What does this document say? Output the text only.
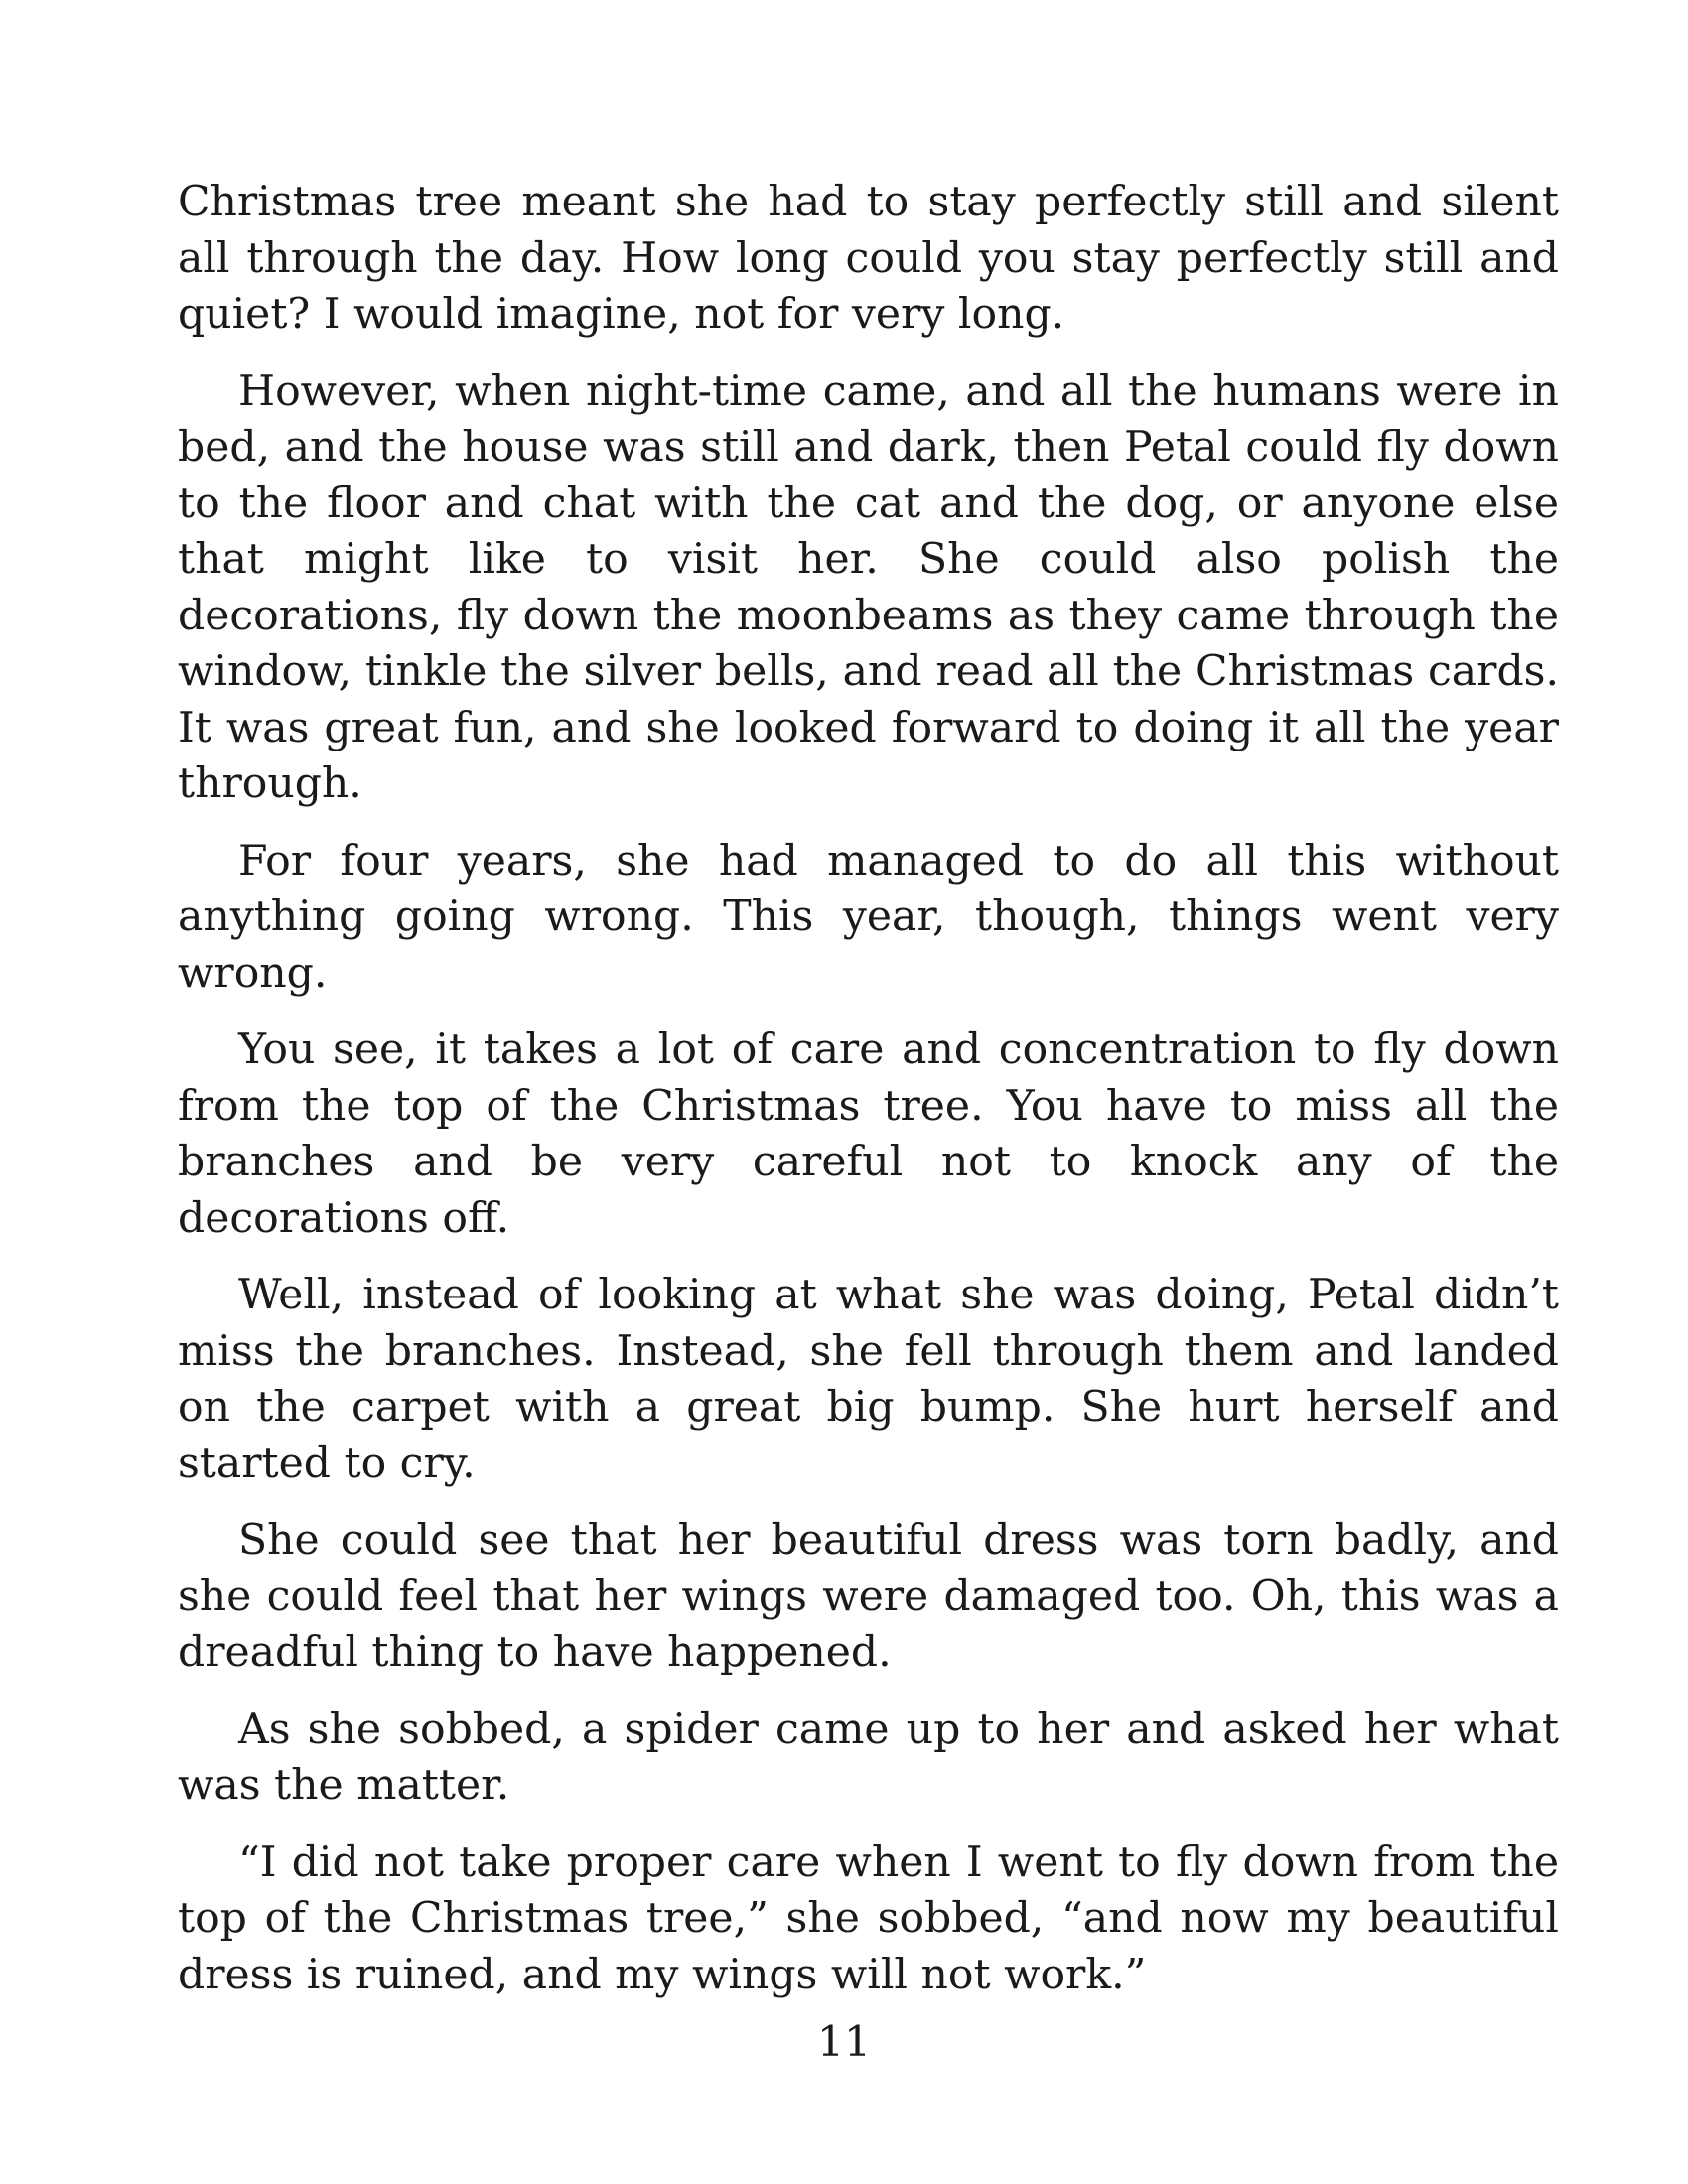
Christmas tree meant she had to stay perfectly still and silent all through the day. How long could you stay perfectly still and quiet? I would imagine, not for very long.

However, when night-time came, and all the humans were in bed, and the house was still and dark, then Petal could fly down to the floor and chat with the cat and the dog, or anyone else that might like to visit her. She could also polish the decorations, fly down the moonbeams as they came through the window, tinkle the silver bells, and read all the Christmas cards. It was great fun, and she looked forward to doing it all the year through.

For four years, she had managed to do all this without anything going wrong. This year, though, things went very wrong.

You see, it takes a lot of care and concentration to fly down from the top of the Christmas tree. You have to miss all the branches and be very careful not to knock any of the decorations off.

Well, instead of looking at what she was doing, Petal didn’t miss the branches. Instead, she fell through them and landed on the carpet with a great big bump. She hurt herself and started to cry.

She could see that her beautiful dress was torn badly, and she could feel that her wings were damaged too. Oh, this was a dreadful thing to have happened.

As she sobbed, a spider came up to her and asked her what was the matter.

“I did not take proper care when I went to fly down from the top of the Christmas tree,” she sobbed, “and now my beautiful dress is ruined, and my wings will not work.”

11
